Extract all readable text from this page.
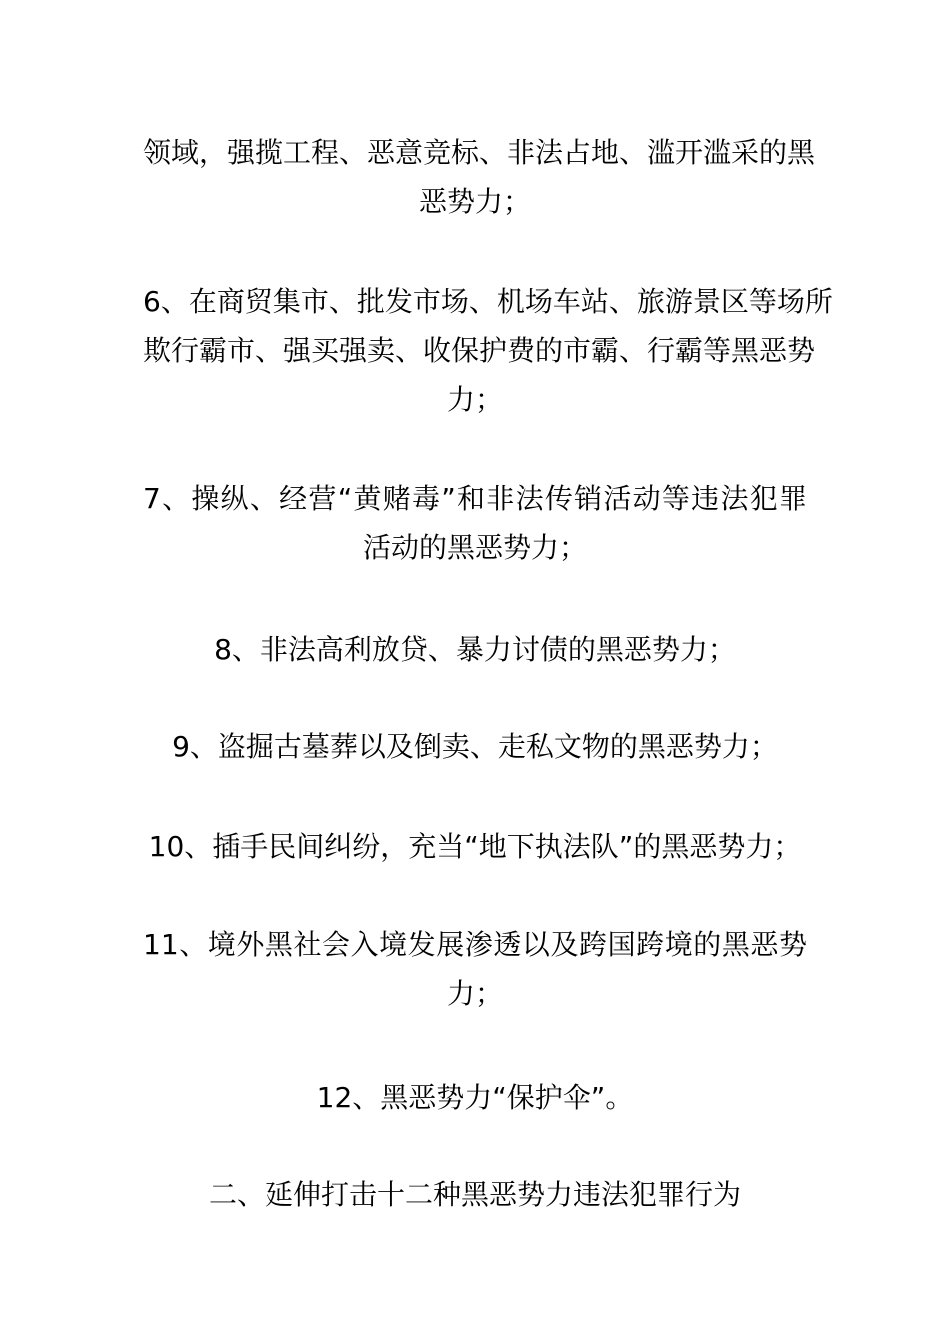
领域，强揽工程、恶意竞标、非法占地、滥开滥采的黑
恶势力；

6、在商贸集市、批发市场、机场车站、旅游景区等场所
欺行霸市、强买强卖、收保护费的市霸、行霸等黑恶势
力；

7、操纵、经营“黄赌毒”和非法传销活动等违法犯罪
活动的黑恶势力；

8、非法高利放贷、暴力讨债的黑恶势力；

9、盗掘古墓葬以及倒卖、走私文物的黑恶势力；

10、插手民间纠纷，充当“地下执法队”的黑恶势力；

11、境外黑社会入境发展渗透以及跨国跨境的黑恶势
力；

12、黑恶势力“保护伞”。

二、延伸打击十二种黑恶势力违法犯罪行为
